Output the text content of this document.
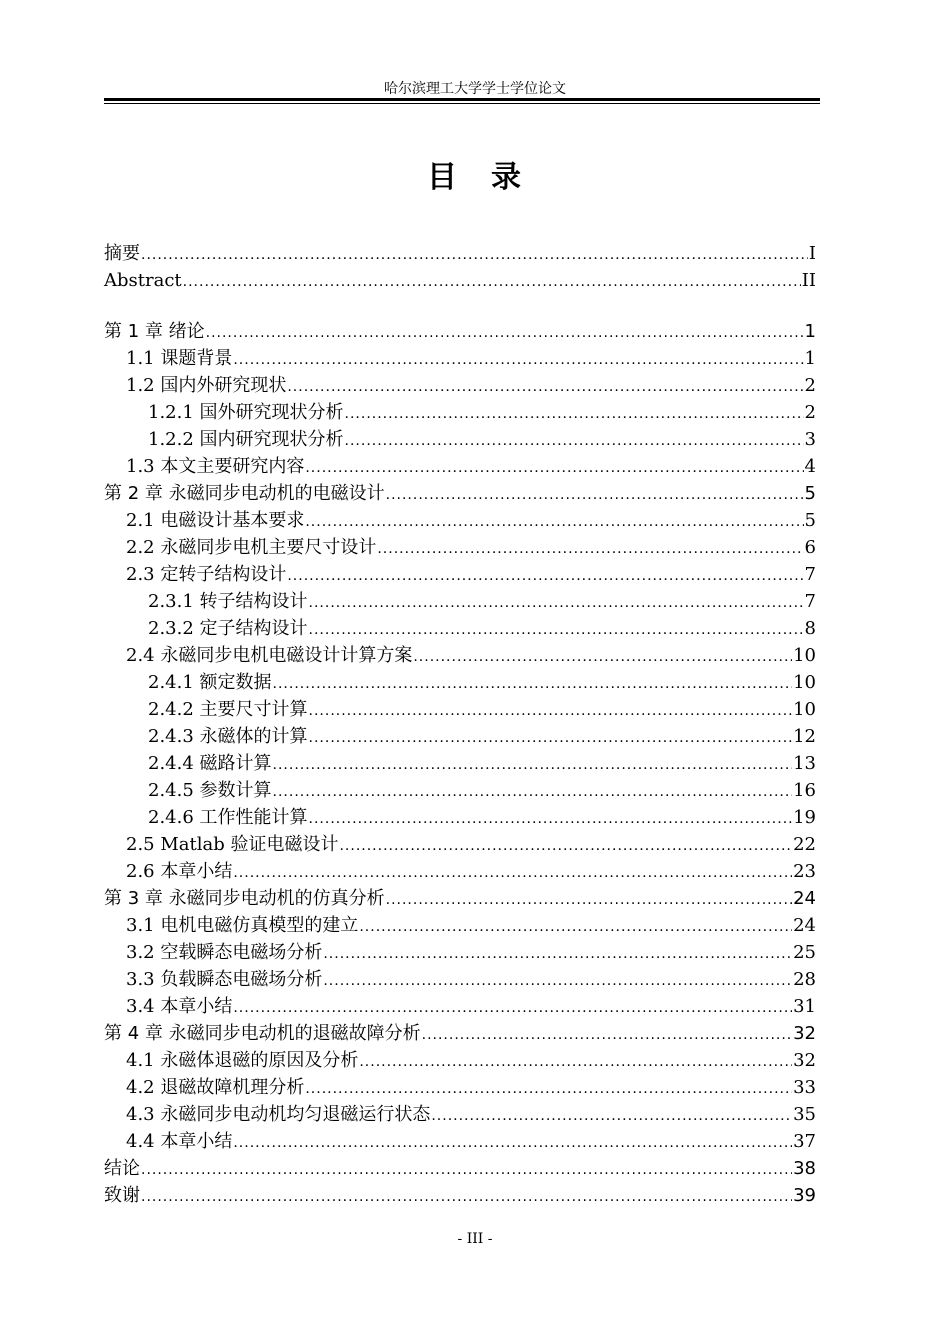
哈尔滨理工大学学士学位论文
目　录
摘要 .....	I
Abstract .....	II
第 1 章 绪论 .....	1
1.1 课题背景 .....	1
1.2 国内外研究现状 .....	2
1.2.1 国外研究现状分析 .....	2
1.2.2 国内研究现状分析 .....	3
1.3 本文主要研究内容 .....	4
第 2 章 永磁同步电动机的电磁设计 .....	5
2.1 电磁设计基本要求 .....	5
2.2 永磁同步电机主要尺寸设计 .....	6
2.3 定转子结构设计 .....	7
2.3.1 转子结构设计 .....	7
2.3.2 定子结构设计 .....	8
2.4 永磁同步电机电磁设计计算方案 .....	10
2.4.1 额定数据 .....	10
2.4.2 主要尺寸计算 .....	10
2.4.3 永磁体的计算 .....	12
2.4.4 磁路计算 .....	13
2.4.5 参数计算 .....	16
2.4.6 工作性能计算 .....	19
2.5 Matlab 验证电磁设计 .....	22
2.6 本章小结 .....	23
第 3 章 永磁同步电动机的仿真分析 .....	24
3.1 电机电磁仿真模型的建立 .....	24
3.2 空载瞬态电磁场分析 .....	25
3.3 负载瞬态电磁场分析 .....	28
3.4 本章小结 .....	31
第 4 章 永磁同步电动机的退磁故障分析 .....	32
4.1 永磁体退磁的原因及分析 .....	32
4.2 退磁故障机理分析 .....	33
4.3 永磁同步电动机均匀退磁运行状态 .....	35
4.4 本章小结 .....	37
结论 .....	38
致谢 .....	39
- III -
